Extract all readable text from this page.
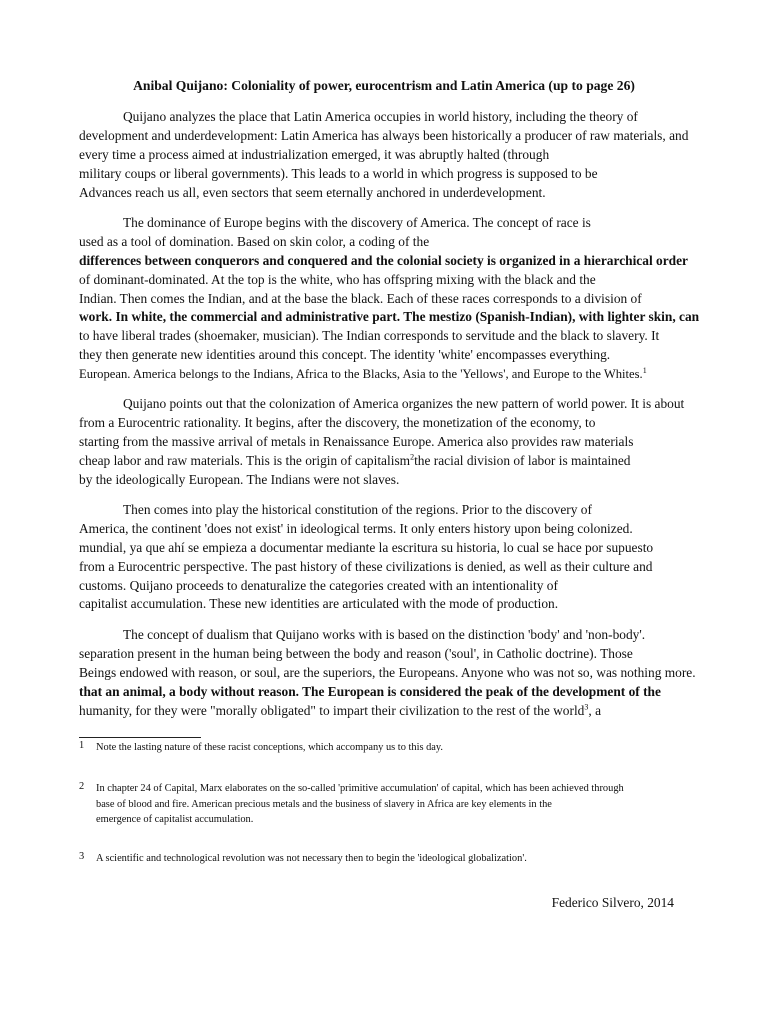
Anibal Quijano: Coloniality of power, eurocentrism and Latin America (up to page 26)
Quijano analyzes the place that Latin America occupies in world history, including the theory of
development and underdevelopment: Latin America has always been historically a producer of raw materials, and
every time a process aimed at industrialization emerged, it was abruptly halted (through
military coups or liberal governments). This leads to a world in which progress is supposed to be
Advances reach us all, even sectors that seem eternally anchored in underdevelopment.
The dominance of Europe begins with the discovery of America. The concept of race is
used as a tool of domination. Based on skin color, a coding of the
differences between conquerors and conquered and the colonial society is organized in a hierarchical order
of dominant-dominated. At the top is the white, who has offspring mixing with the black and the
Indian. Then comes the Indian, and at the base the black. Each of these races corresponds to a division of
work. In white, the commercial and administrative part. The mestizo (Spanish-Indian), with lighter skin, can
to have liberal trades (shoemaker, musician). The Indian corresponds to servitude and the black to slavery. It
they then generate new identities around this concept. The identity 'white' encompasses everything.
European. America belongs to the Indians, Africa to the Blacks, Asia to the 'Yellows', and Europe to the Whites.$^1$
Quijano points out that the colonization of America organizes the new pattern of world power. It is about
from a Eurocentric rationality. It begins, after the discovery, the monetization of the economy, to
starting from the massive arrival of metals in Renaissance Europe. America also provides raw materials
cheap labor and raw materials. This is the origin of capitalism$^2$the racial division of labor is maintained
by the ideologically European. The Indians were not slaves.
Then comes into play the historical constitution of the regions. Prior to the discovery of
America, the continent 'does not exist' in ideological terms. It only enters history upon being colonized.
mundial, ya que ahí se empieza a documentar mediante la escritura su historia, lo cual se hace por supuesto
from a Eurocentric perspective. The past history of these civilizations is denied, as well as their culture and
customs. Quijano proceeds to denaturalize the categories created with an intentionality of
capitalist accumulation. These new identities are articulated with the mode of production.
The concept of dualism that Quijano works with is based on the distinction 'body' and 'non-body'.
separation present in the human being between the body and reason ('soul', in Catholic doctrine). Those
Beings endowed with reason, or soul, are the superiors, the Europeans. Anyone who was not so, was nothing more.
that an animal, a body without reason. The European is considered the peak of the development of the
humanity, for they were "morally obligated" to impart their civilization to the rest of the world$^3$, a
1	Note the lasting nature of these racist conceptions, which accompany us to this day.
2	In chapter 24 of Capital, Marx elaborates on the so-called 'primitive accumulation' of capital, which has been achieved through
base of blood and fire. American precious metals and the business of slavery in Africa are key elements in the
emergence of capitalist accumulation.
3	A scientific and technological revolution was not necessary then to begin the 'ideological globalization'.
Federico Silvero, 2014
